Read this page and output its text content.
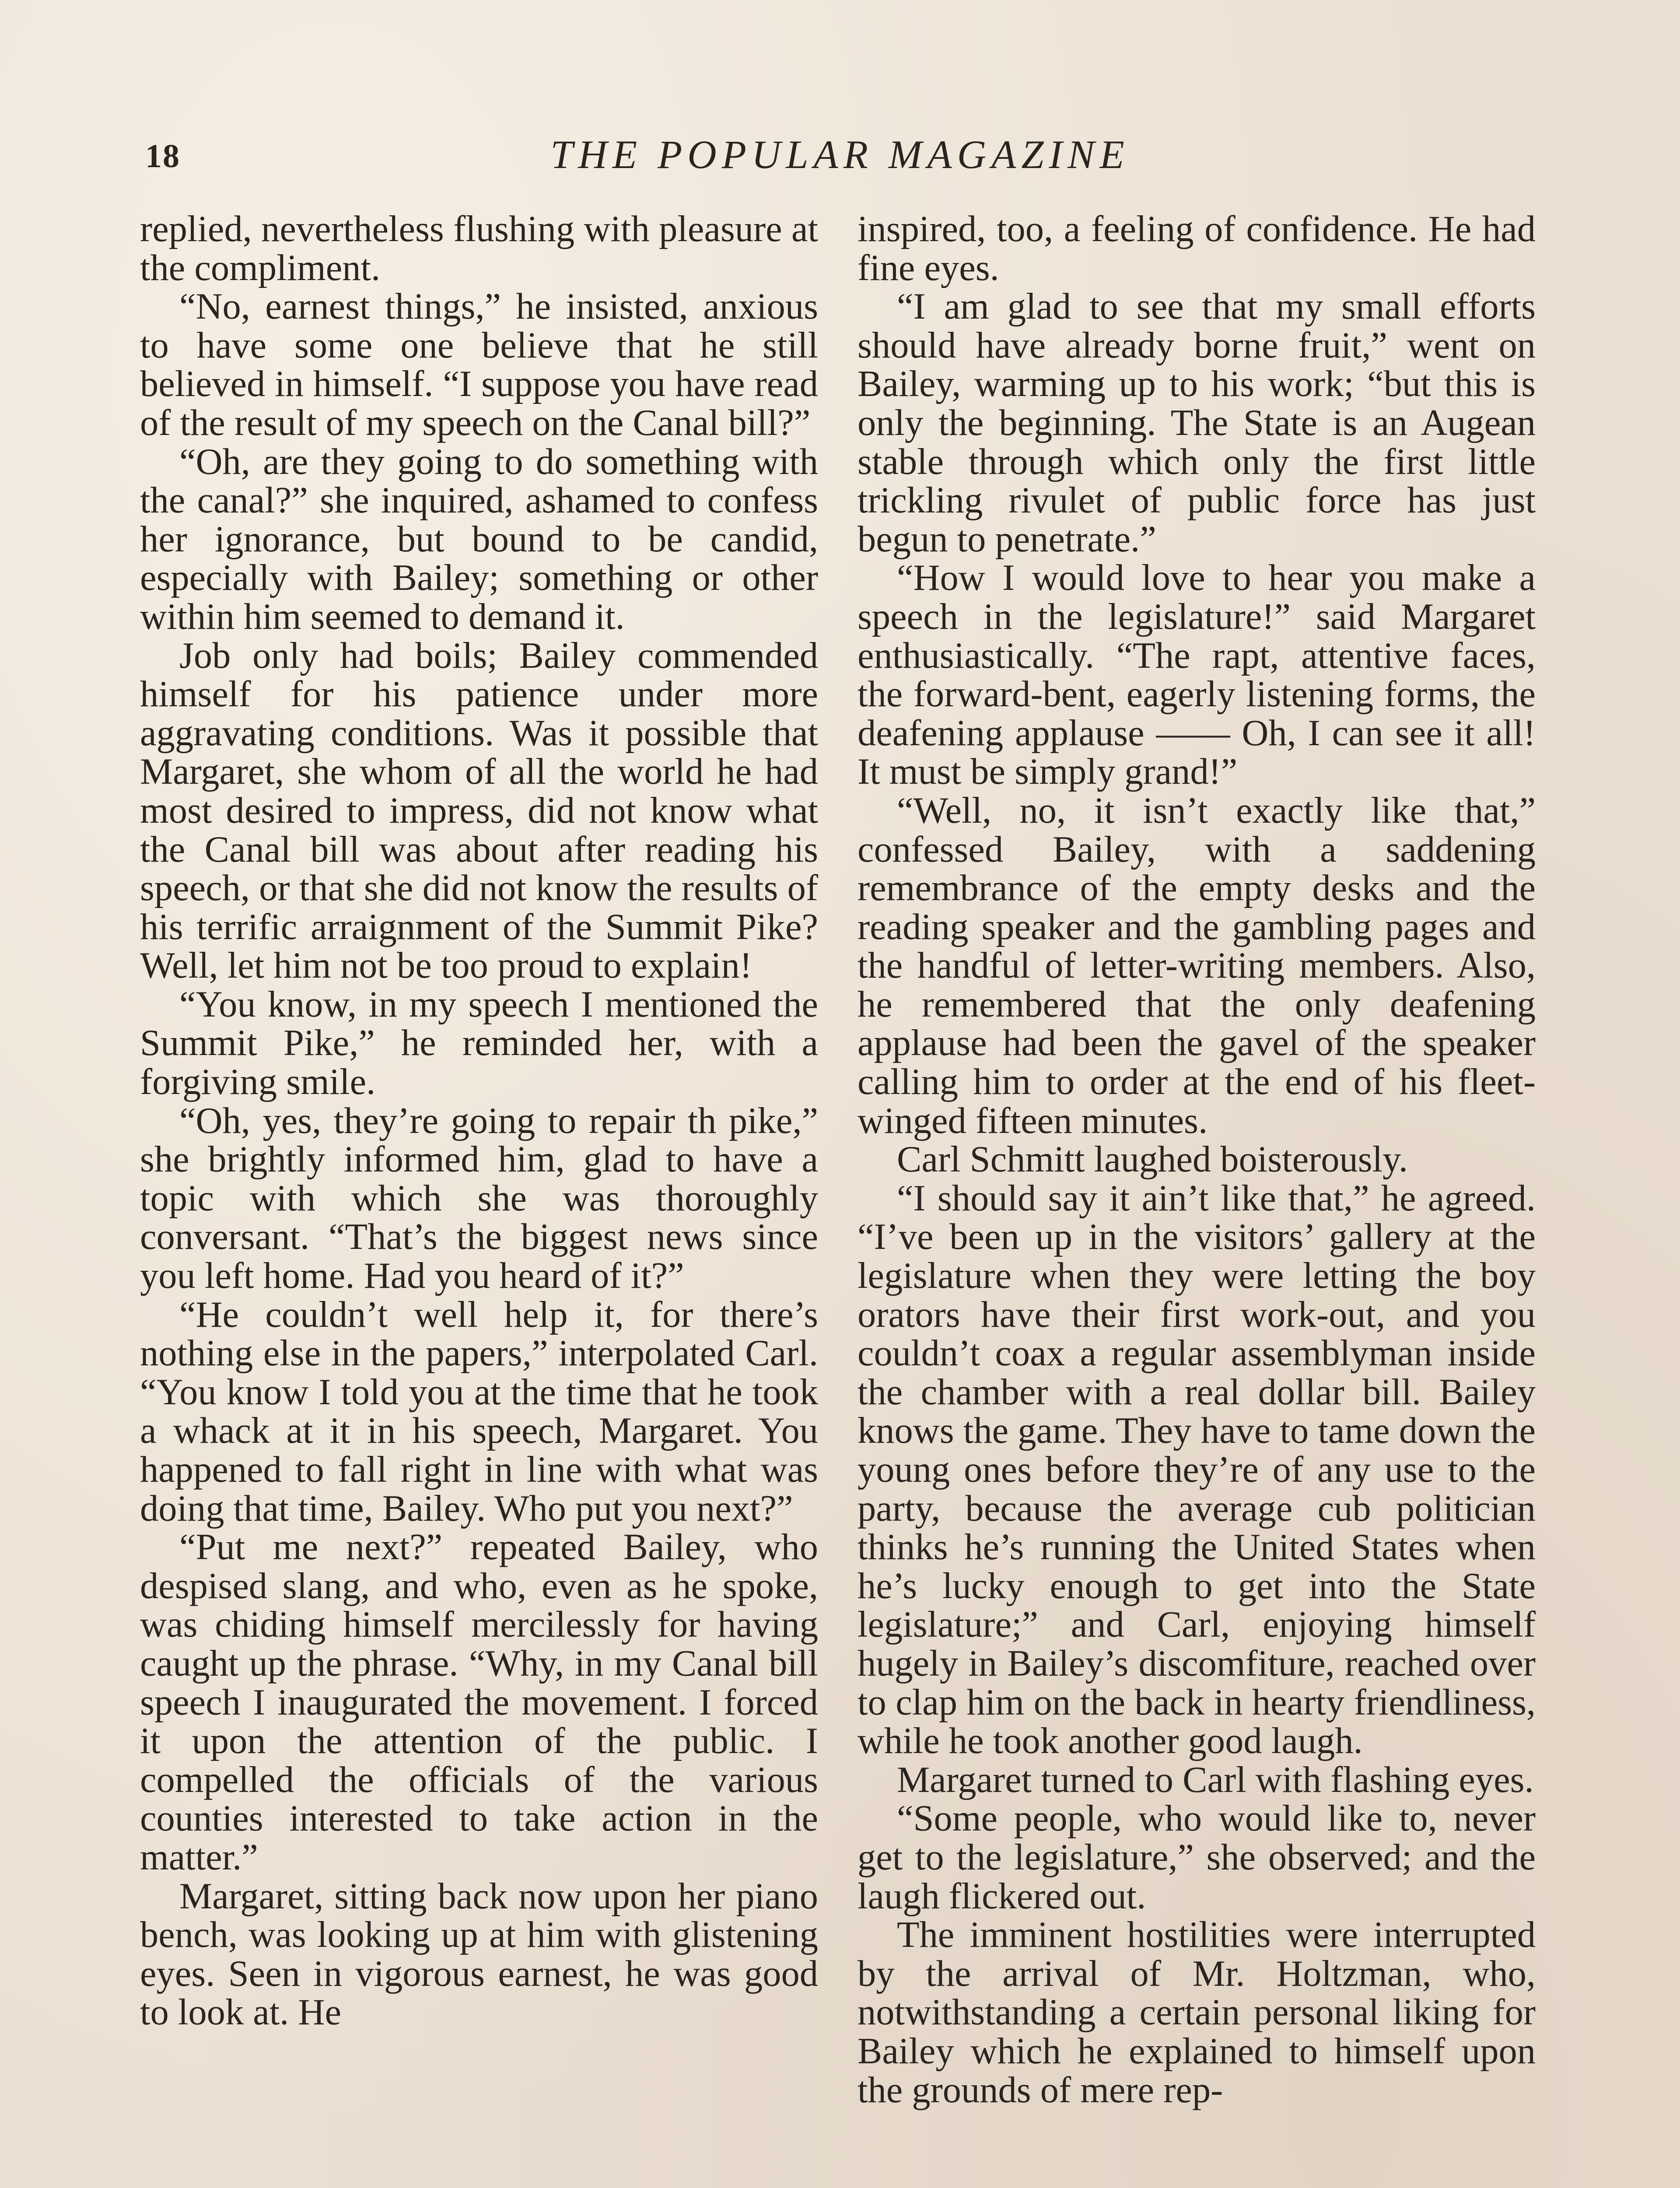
18	THE POPULAR MAGAZINE

replied, nevertheless flushing with pleasure at the compliment.

“No, earnest things,” he insisted, anxious to have some one believe that he still believed in himself. “I suppose you have read of the result of my speech on the Canal bill?”

“Oh, are they going to do something with the canal?” she inquired, ashamed to confess her ignorance, but bound to be candid, especially with Bailey; something or other within him seemed to demand it.

Job only had boils; Bailey commended himself for his patience under more aggravating conditions. Was it possible that Margaret, she whom of all the world he had most desired to impress, did not know what the Canal bill was about after reading his speech, or that she did not know the results of his terrific arraignment of the Summit Pike? Well, let him not be too proud to explain!

“You know, in my speech I mentioned the Summit Pike,” he reminded her, with a forgiving smile.

“Oh, yes, they’re going to repair th pike,” she brightly informed him, glad to have a topic with which she was thoroughly conversant. “That’s the biggest news since you left home. Had you heard of it?”

“He couldn’t well help it, for there’s nothing else in the papers,” interpolated Carl. “You know I told you at the time that he took a whack at it in his speech, Margaret. You happened to fall right in line with what was doing that time, Bailey. Who put you next?”

“Put me next?” repeated Bailey, who despised slang, and who, even as he spoke, was chiding himself mercilessly for having caught up the phrase. “Why, in my Canal bill speech I inaugurated the movement. I forced it upon the attention of the public. I compelled the officials of the various counties interested to take action in the matter.”

Margaret, sitting back now upon her piano bench, was looking up at him with glistening eyes. Seen in vigorous earnest, he was good to look at. He

inspired, too, a feeling of confidence. He had fine eyes.

“I am glad to see that my small efforts should have already borne fruit,” went on Bailey, warming up to his work; “but this is only the beginning. The State is an Augean stable through which only the first little trickling rivulet of public force has just begun to penetrate.”

“How I would love to hear you make a speech in the legislature!” said Margaret enthusiastically. “The rapt, attentive faces, the forward-bent, eagerly listening forms, the deafening applause —— Oh, I can see it all! It must be simply grand!”

“Well, no, it isn’t exactly like that,” confessed Bailey, with a saddening remembrance of the empty desks and the reading speaker and the gambling pages and the handful of letter-writing members. Also, he remembered that the only deafening applause had been the gavel of the speaker calling him to order at the end of his fleet-winged fifteen minutes.

Carl Schmitt laughed boisterously.

“I should say it ain’t like that,” he agreed. “I’ve been up in the visitors’ gallery at the legislature when they were letting the boy orators have their first work-out, and you couldn’t coax a regular assemblyman inside the chamber with a real dollar bill. Bailey knows the game. They have to tame down the young ones before they’re of any use to the party, because the average cub politician thinks he’s running the United States when he’s lucky enough to get into the State legislature;” and Carl, enjoying himself hugely in Bailey’s discomfiture, reached over to clap him on the back in hearty friendliness, while he took another good laugh.

Margaret turned to Carl with flashing eyes.

“Some people, who would like to, never get to the legislature,” she observed; and the laugh flickered out.

The imminent hostilities were interrupted by the arrival of Mr. Holtzman, who, notwithstanding a certain personal liking for Bailey which he explained to himself upon the grounds of mere rep-
